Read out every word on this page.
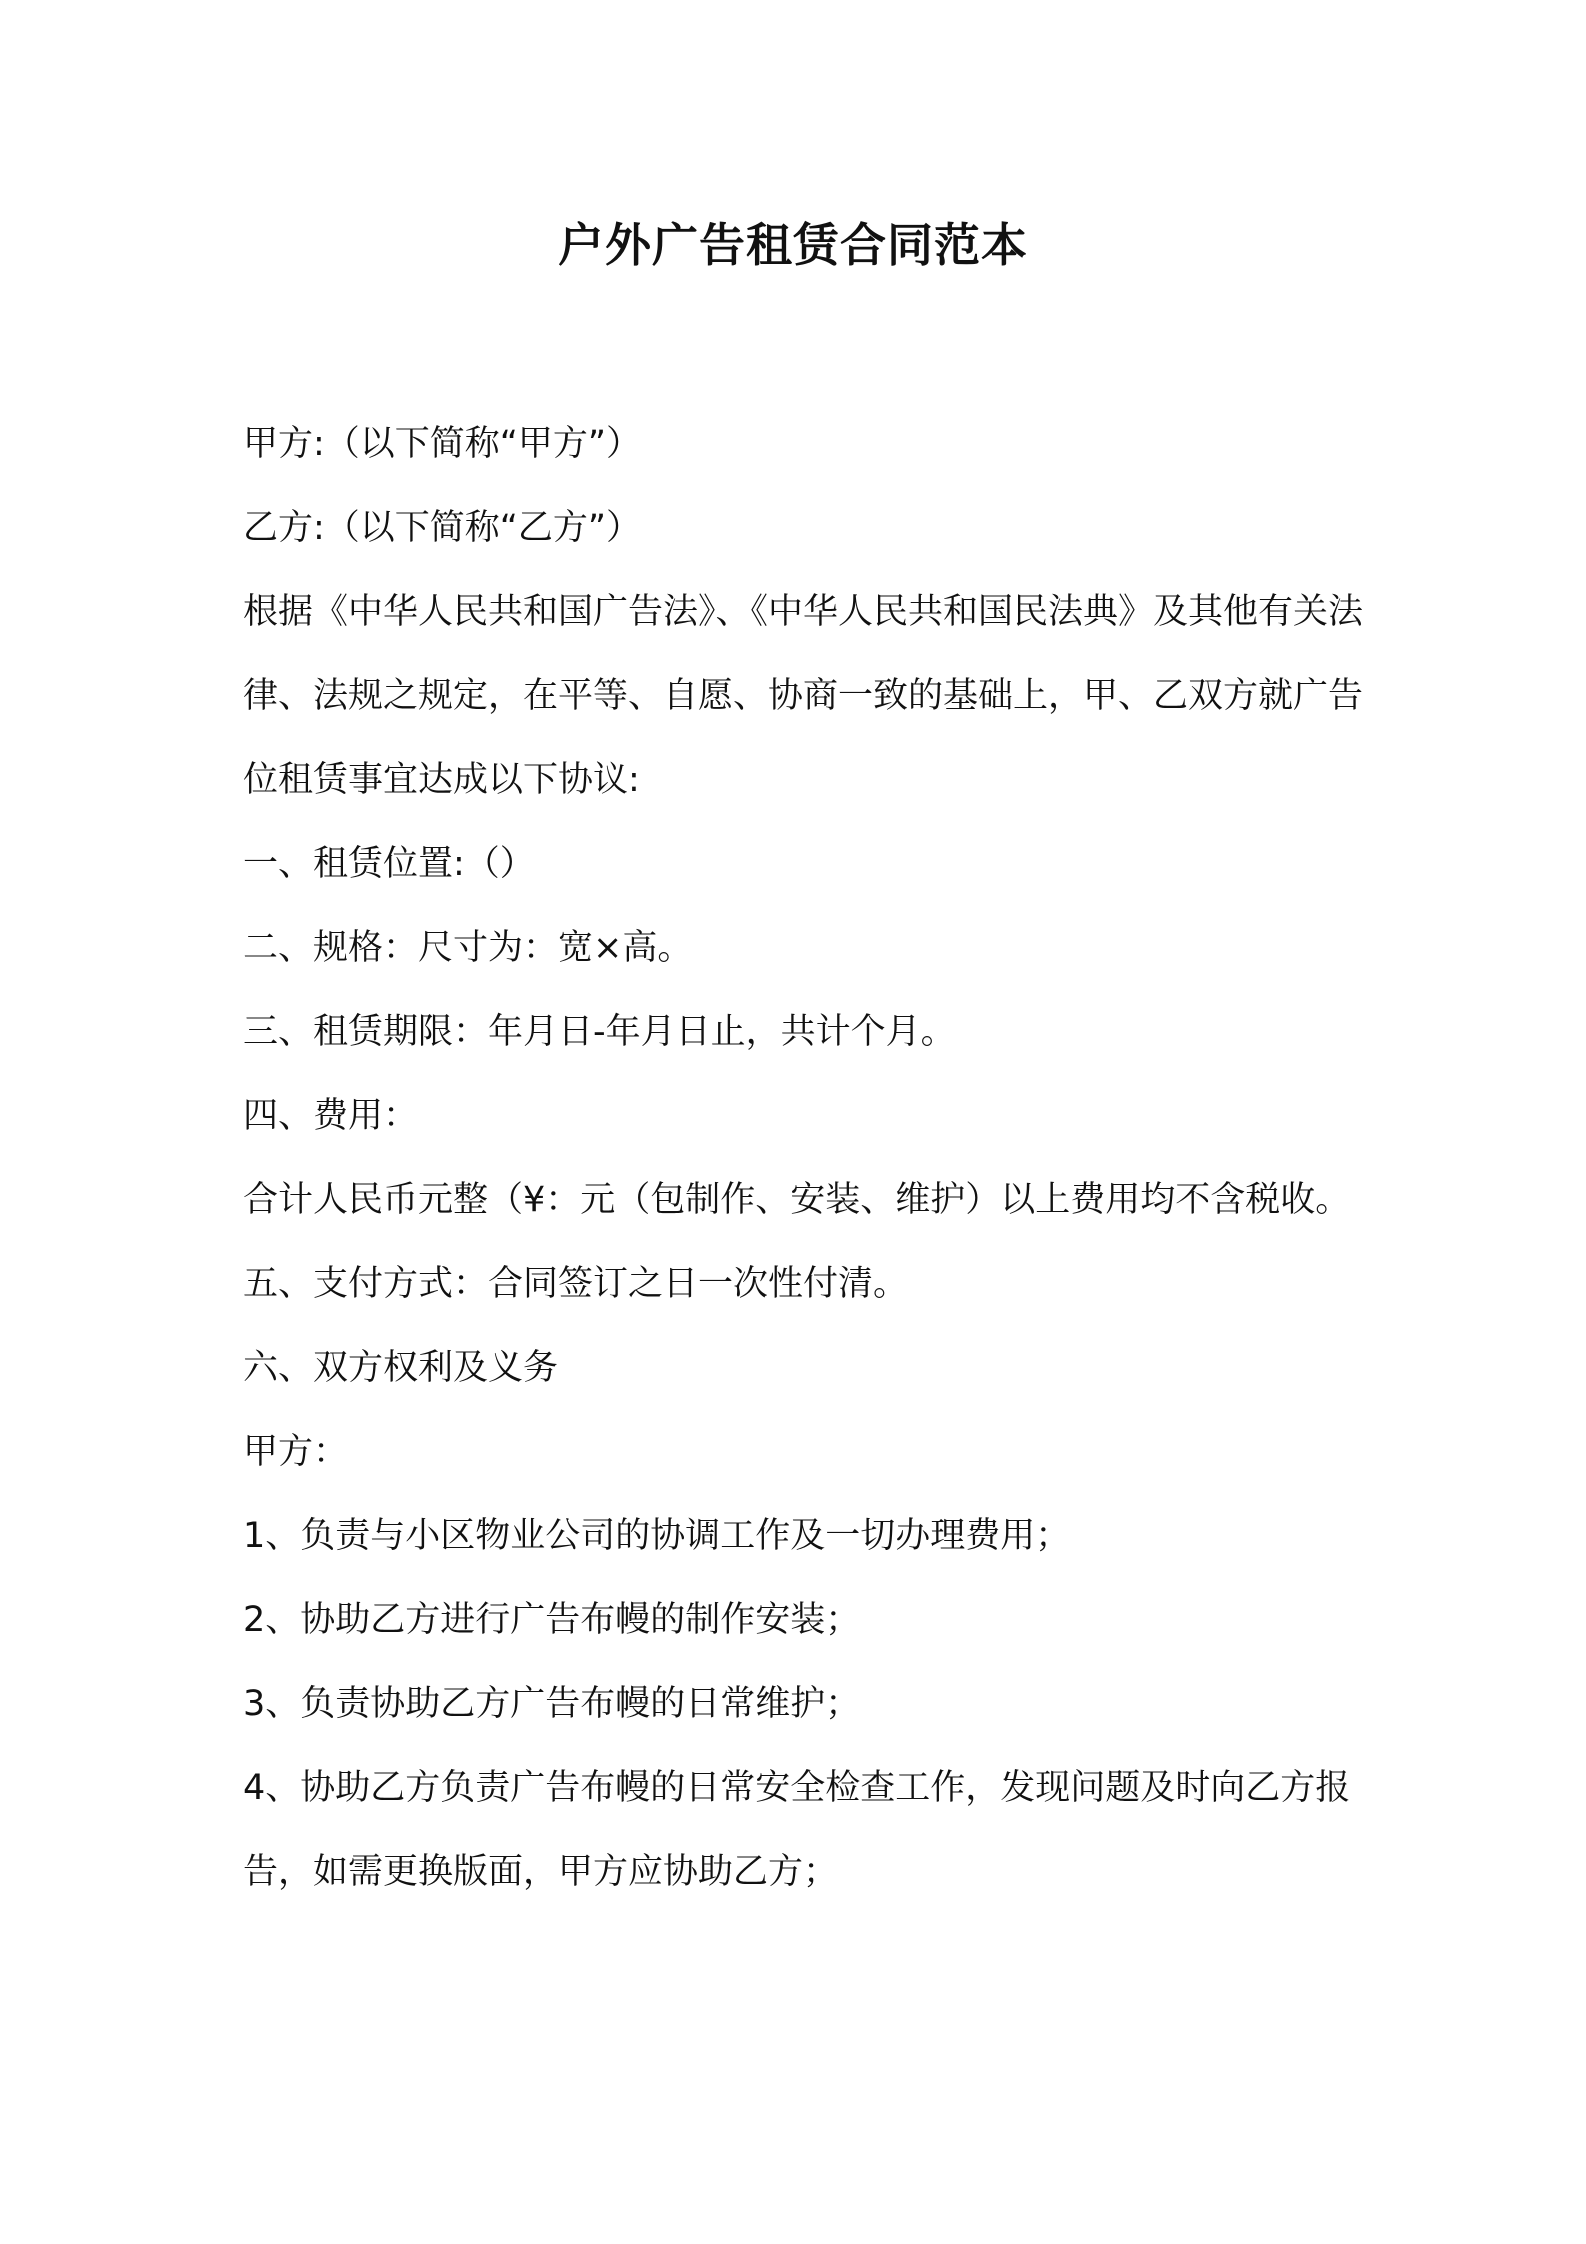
户外广告租赁合同范本

甲方:（以下简称“甲方”）

乙方:（以下简称“乙方”）

根据《中华人民共和国广告法》、《中华人民共和国民法典》及其他有关法律、法规之规定，在平等、自愿、协商一致的基础上，甲、乙双方就广告位租赁事宜达成以下协议:

一、租赁位置:（）

二、规格：尺寸为：宽×高。

三、租赁期限：年月日-年月日止，共计个月。

四、费用：

合计人民币元整（¥：元（包制作、安装、维护）以上费用均不含税收。

五、支付方式：合同签订之日一次性付清。

六、双方权利及义务

甲方：

1、负责与小区物业公司的协调工作及一切办理费用；

2、协助乙方进行广告布幔的制作安装；

3、负责协助乙方广告布幔的日常维护；

4、协助乙方负责广告布幔的日常安全检查工作，发现问题及时向乙方报告，如需更换版面，甲方应协助乙方；
